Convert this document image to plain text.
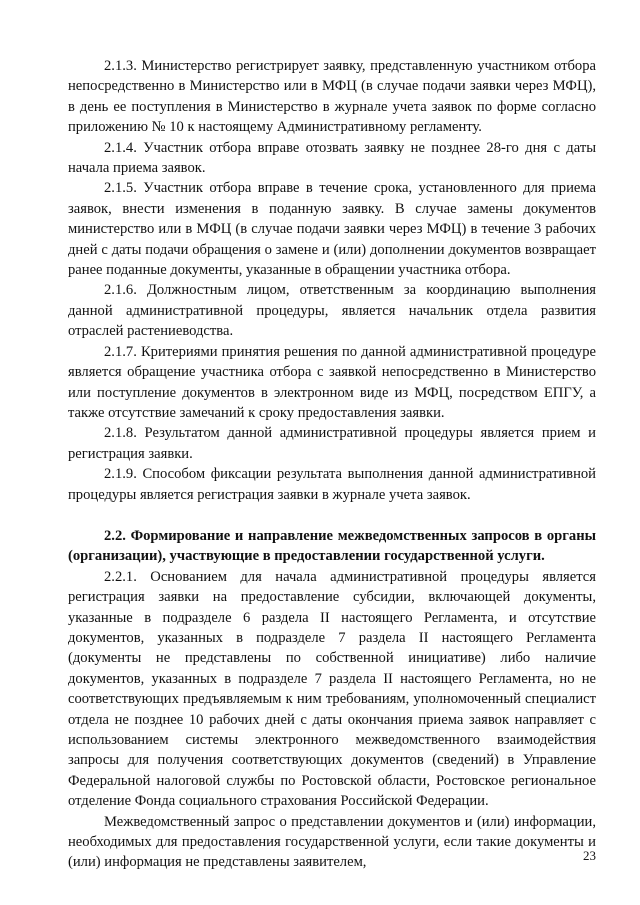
2.1.3. Министерство регистрирует заявку, представленную участником отбора непосредственно в Министерство или в МФЦ (в случае подачи заявки через МФЦ), в день ее поступления в Министерство в журнале учета заявок по форме согласно приложению № 10 к настоящему Административному регламенту.

2.1.4. Участник отбора вправе отозвать заявку не позднее 28-го дня с даты начала приема заявок.

2.1.5. Участник отбора вправе в течение срока, установленного для приема заявок, внести изменения в поданную заявку. В случае замены документов министерство или в МФЦ (в случае подачи заявки через МФЦ) в течение 3 рабочих дней с даты подачи обращения о замене и (или) дополнении документов возвращает ранее поданные документы, указанные в обращении участника отбора.

2.1.6. Должностным лицом, ответственным за координацию выполнения данной административной процедуры, является начальник отдела развития отраслей растениеводства.

2.1.7. Критериями принятия решения по данной административной процедуре является обращение участника отбора с заявкой непосредственно в Министерство или поступление документов в электронном виде из МФЦ, посредством ЕПГУ, а также отсутствие замечаний к сроку предоставления заявки.

2.1.8. Результатом данной административной процедуры является прием и регистрация заявки.

2.1.9. Способом фиксации результата выполнения данной административной процедуры является регистрация заявки в журнале учета заявок.

2.2. Формирование и направление межведомственных запросов в органы (организации), участвующие в предоставлении государственной услуги.

2.2.1. Основанием для начала административной процедуры является регистрация заявки на предоставление субсидии, включающей документы, указанные в подразделе 6 раздела II настоящего Регламента, и отсутствие документов, указанных в подразделе 7 раздела II настоящего Регламента (документы не представлены по собственной инициативе) либо наличие документов, указанных в подразделе 7 раздела II настоящего Регламента, но не соответствующих предъявляемым к ним требованиям, уполномоченный специалист отдела не позднее 10 рабочих дней с даты окончания приема заявок направляет с использованием системы электронного межведомственного взаимодействия запросы для получения соответствующих документов (сведений) в Управление Федеральной налоговой службы по Ростовской области, Ростовское региональное отделение Фонда социального страхования Российской Федерации.

Межведомственный запрос о представлении документов и (или) информации, необходимых для предоставления государственной услуги, если такие документы и (или) информация не представлены заявителем,	23
